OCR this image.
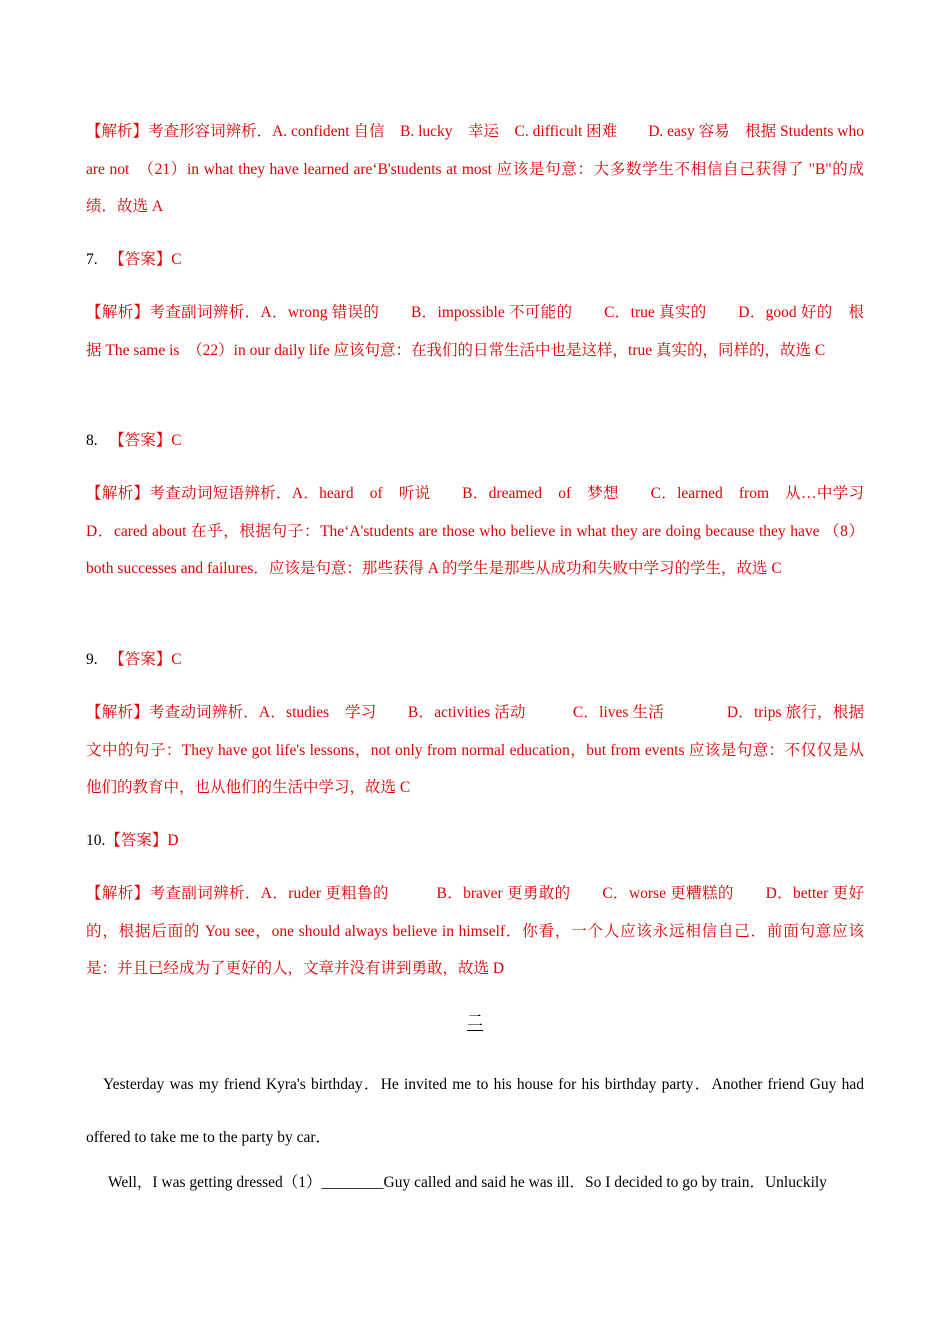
【解析】考查形容词辨析．A. confident 自信　B. lucky　幸运　C. difficult 困难　　D. easy 容易　根据 Students who are not　（21）in what they have learned are‘B'students at most 应该是句意：大多数学生不相信自己获得了 "B"的成绩．故选 A
7. 【答案】C
【解析】考查副词辨析．A．wrong 错误的　　B．impossible 不可能的　　C．true 真实的　　D．good 好的　根据 The same is　（22）in our daily life 应该句意：在我们的日常生活中也是这样，true 真实的，同样的，故选 C
8. 【答案】C
【解析】考查动词短语辨析．A．heard　of　听说　　B．dreamed　of　梦想　　C．learned　from　从…中学习　D．cared about 在乎，根据句子：The‘A'students are those who believe in what they are doing because they have （8）both successes and failures．应该是句意：那些获得 A 的学生是那些从成功和失败中学习的学生，故选 C
9. 【答案】C
【解析】考查动词辨析．A．studies　学习　　B．activities 活动　　　C．lives 生活　　　　D．trips 旅行，根据文中的句子：They have got life's lessons，not only from normal education，but from events 应该是句意：不仅仅是从他们的教育中，也从他们的生活中学习，故选 C
10.【答案】D
【解析】考查副词辨析．A．ruder 更粗鲁的　　　B．braver 更勇敢的　　C．worse 更糟糕的　　D．better 更好的，根据后面的 You see，one should always believe in himself．你看，一个人应该永远相信自己．前面句意应该是：并且已经成为了更好的人，文章并没有讲到勇敢，故选 D
二
Yesterday was my friend Kyra's birthday．He invited me to his house for his birthday party．Another friend Guy had offered to take me to the party by car．
Well，I was getting dressed（1）________Guy called and said he was ill．So I decided to go by train．Unluckily
